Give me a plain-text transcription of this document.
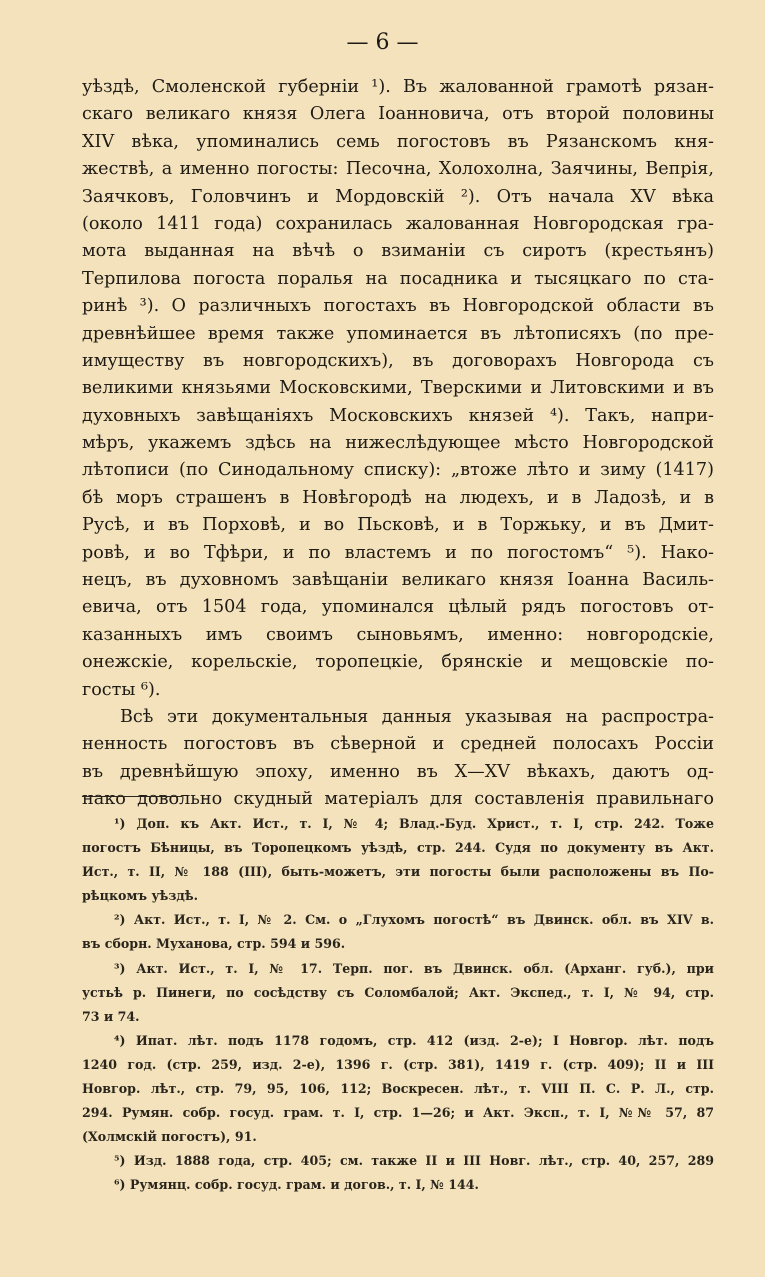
— 6 —
уѣздѣ, Смоленской губерніи ¹). Въ жалованной грамотѣ рязан-
скаго великаго князя Олега Іоанновича, отъ второй половины
XIV вѣка, упоминались семь погостовъ въ Рязанскомъ кня-
жествѣ, а именно погосты: Песочна, Холохолна, Заячины, Вепрія,
Заячковъ, Головчинъ и Мордовскій ²). Отъ начала XV вѣка
(около 1411 года) сохранилась жалованная Новгородская гра-
мота выданная на вѣчѣ о взиманіи съ сиротъ (крестьянъ)
Терпилова погоста поралья на посадника и тысяцкаго по ста-
ринѣ ³). О различныхъ погостахъ въ Новгородской области въ
древнѣйшее время также упоминается въ лѣтописяхъ (по пре-
имуществу въ новгородскихъ), въ договорахъ Новгорода съ
великими князьями Московскими, Тверскими и Литовскими и въ
духовныхъ завѣщаніяхъ Московскихъ князей ⁴). Такъ, напри-
мѣръ, укажемъ здѣсь на нижеслѣдующее мѣсто Новгородской
лѣтописи (по Синодальному списку): „втоже лѣто и зиму (1417)
бѣ моръ страшенъ в Новѣгородѣ на людехъ, и в Ладозѣ, и в
Русѣ, и въ Порховѣ, и во Пьсковѣ, и в Торжьку, и въ Дмит-
ровѣ, и во Тфѣри, и по властемъ и по погостомъ“ ⁵). Нако-
нецъ, въ духовномъ завѣщаніи великаго князя Іоанна Василь-
евича, отъ 1504 года, упоминался цѣлый рядъ погостовъ от-
казанныхъ имъ своимъ сыновьямъ, именно: новгородскіе,
онежскіе, корельскіе, торопецкіе, брянскіе и мещовскіе по-
госты ⁶).
Всѣ эти документальныя данныя указывая на распростра-
ненность погостовъ въ сѣверной и средней полосахъ Россіи
въ древнѣйшую эпоху, именно въ X—XV вѣкахъ, даютъ од-
нако довольно скудный матеріалъ для составленія правильнаго
¹) Доп. къ Акт. Ист., т. I, № 4; Влад.-Буд. Христ., т. I, стр. 242. Тоже
погостъ Бѣницы, въ Торопецкомъ уѣздѣ, стр. 244. Судя по документу въ Акт.
Ист., т. II, № 188 (III), быть-можетъ, эти погосты были расположены въ По-
рѣцкомъ уѣздѣ.
²) Акт. Ист., т. I, № 2. См. о „Глухомъ погостѣ“ въ Двинск. обл. въ XIV в.
въ сборн. Муханова, стр. 594 и 596.
³) Акт. Ист., т. I, № 17. Терп. пог. въ Двинск. обл. (Арханг. губ.), при
устьѣ р. Пинеги, по сосѣдству съ Соломбалой; Акт. Экспед., т. I, № 94, стр.
73 и 74.
⁴) Ипат. лѣт. подъ 1178 годомъ, стр. 412 (изд. 2-е); I Новгор. лѣт. подъ
1240 год. (стр. 259, изд. 2-е), 1396 г. (стр. 381), 1419 г. (стр. 409); II и III
Новгор. лѣт., стр. 79, 95, 106, 112; Воскресен. лѣт., т. VIII П. С. Р. Л., стр.
294. Румян. собр. госуд. грам. т. I, стр. 1—26; и Акт. Эксп., т. I, №№ 57, 87
(Холмскій погостъ), 91.
⁵) Изд. 1888 года, стр. 405; см. также II и III Новг. лѣт., стр. 40, 257, 289
⁶) Румянц. собр. госуд. грам. и догов., т. I, № 144.
